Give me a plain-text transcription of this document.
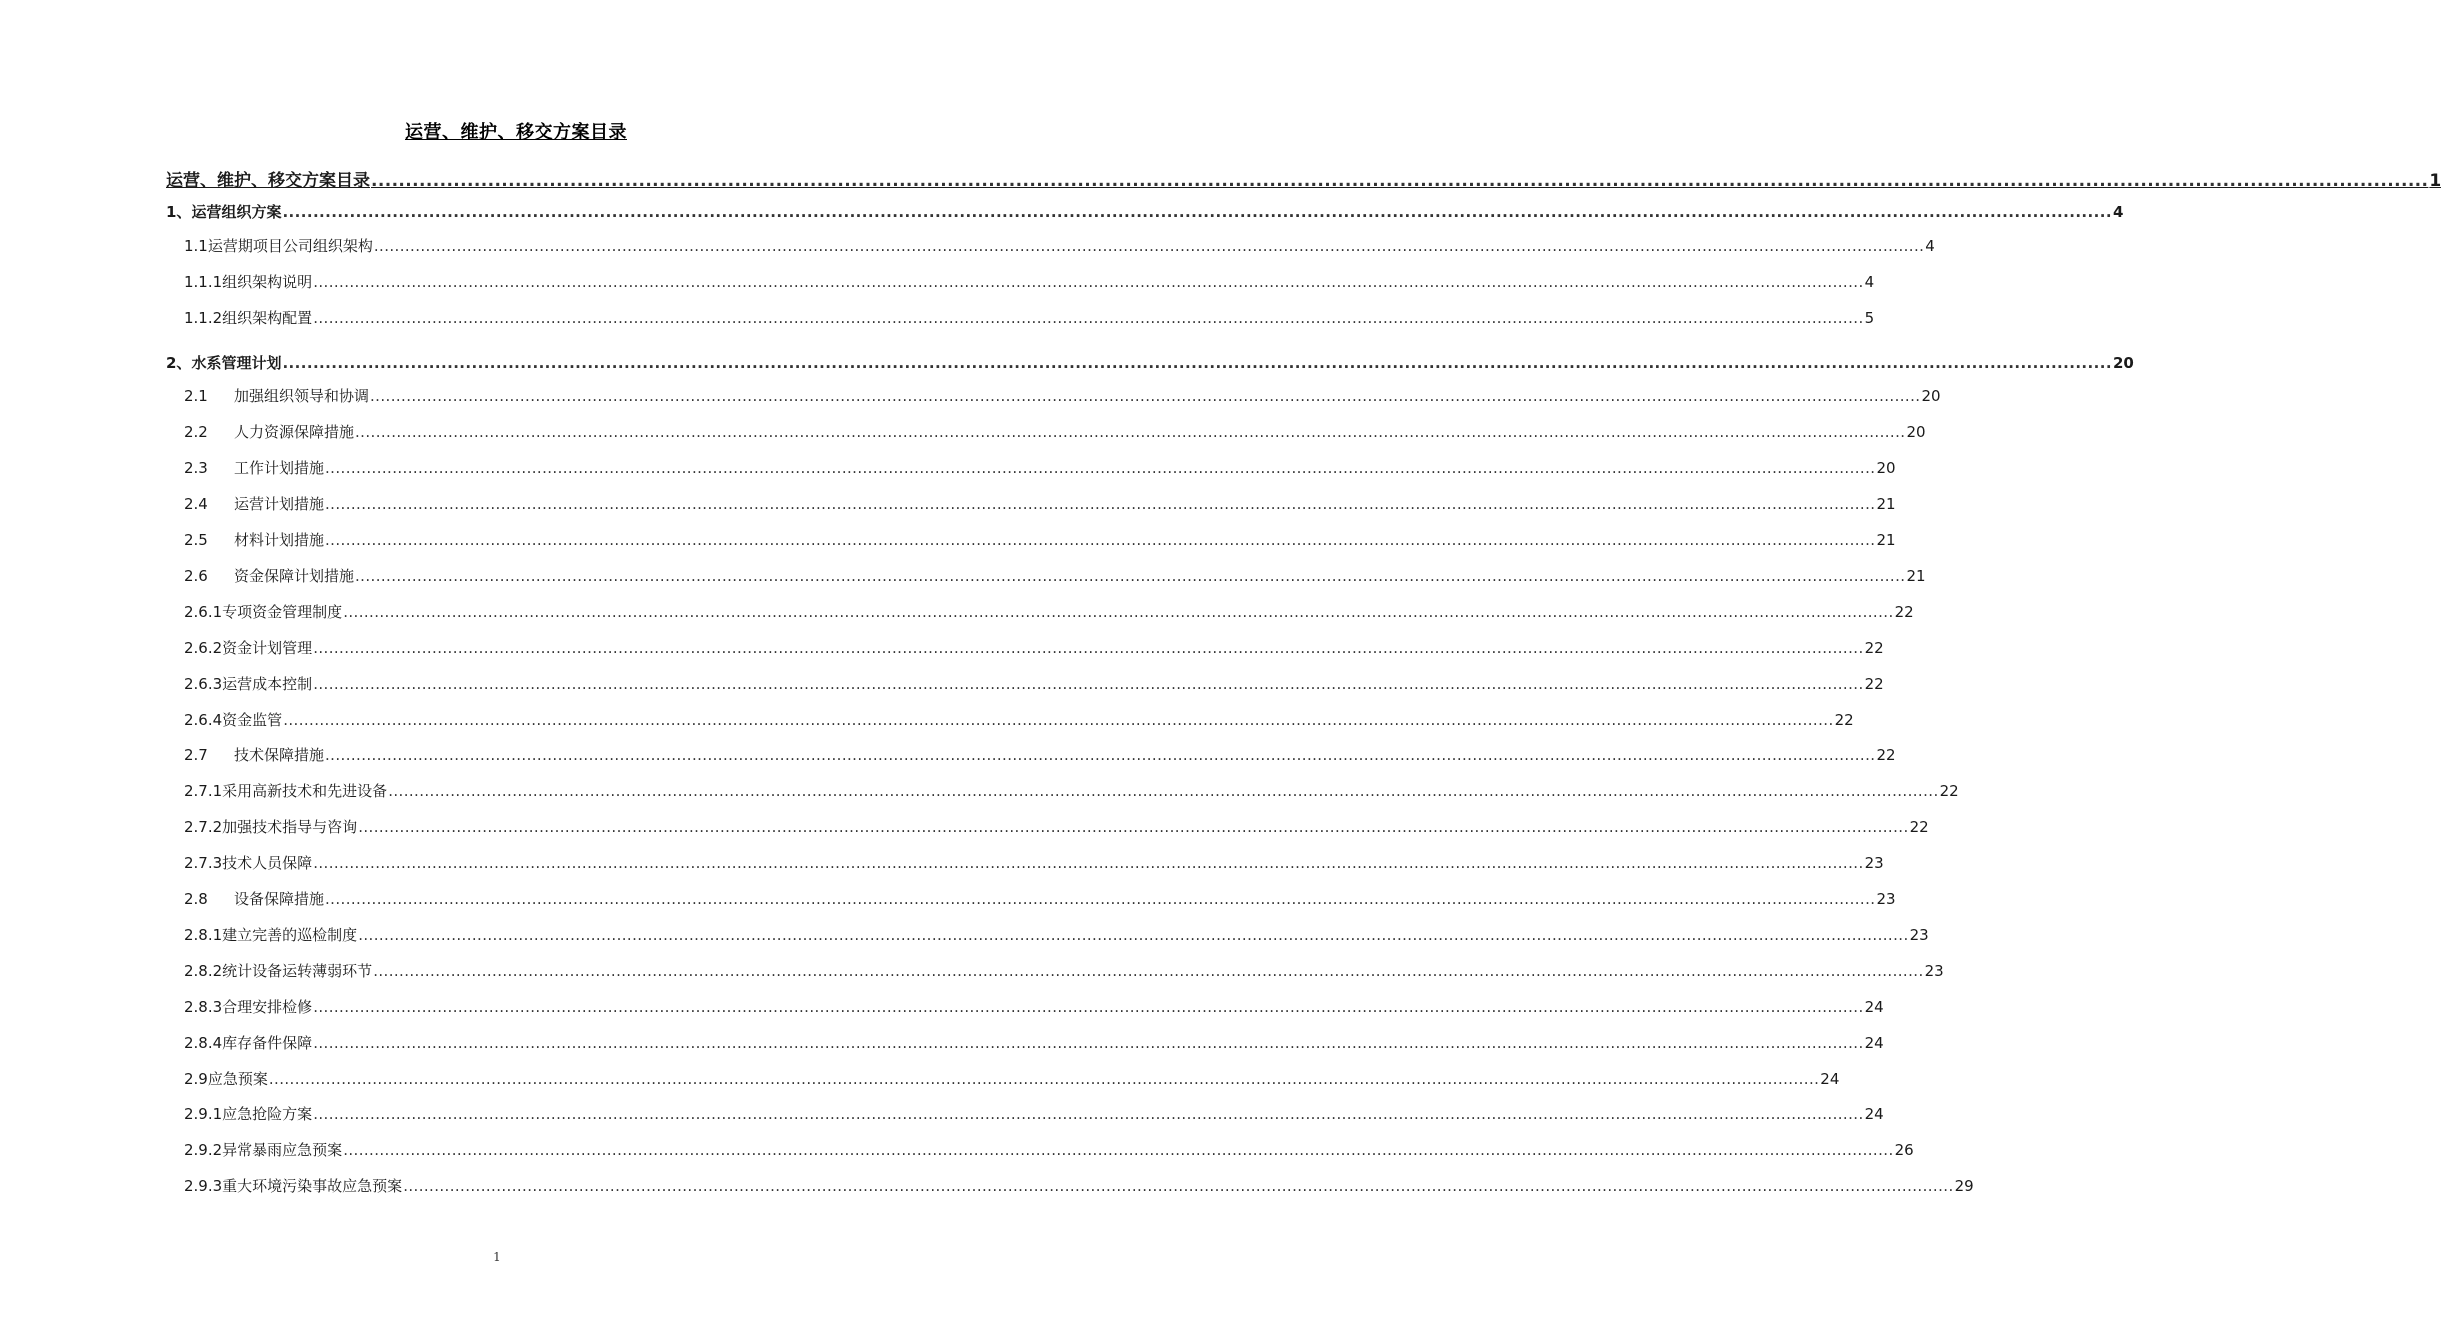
运营、维护、移交方案目录
运营、维护、移交方案目录 ............................................................................................................................................................................................................................................................................................................ 1
1、运营组织方案 ............................................................................................................................................................................................................................................................................................................ 4
1.1运营期项目公司组织架构 ............................................................................................................................................................................................................................................................................................................ 4
1.1.1组织架构说明 ............................................................................................................................................................................................................................................................................................................ 4
1.1.2组织架构配置 ............................................................................................................................................................................................................................................................................................................ 5
2、水系管理计划 ............................................................................................................................................................................................................................................................................................................ 20
2.1 加强组织领导和协调 ............................................................................................................................................................................................................................................................................................................ 20
2.2 人力资源保障措施 ............................................................................................................................................................................................................................................................................................................ 20
2.3 工作计划措施 ............................................................................................................................................................................................................................................................................................................ 20
2.4 运营计划措施 ............................................................................................................................................................................................................................................................................................................ 21
2.5 材料计划措施 ............................................................................................................................................................................................................................................................................................................ 21
2.6 资金保障计划措施 ............................................................................................................................................................................................................................................................................................................ 21
2.6.1专项资金管理制度 ............................................................................................................................................................................................................................................................................................................ 22
2.6.2资金计划管理 ............................................................................................................................................................................................................................................................................................................ 22
2.6.3运营成本控制 ............................................................................................................................................................................................................................................................................................................ 22
2.6.4资金监管 ............................................................................................................................................................................................................................................................................................................ 22
2.7 技术保障措施 ............................................................................................................................................................................................................................................................................................................ 22
2.7.1采用高新技术和先进设备 ............................................................................................................................................................................................................................................................................................................ 22
2.7.2加强技术指导与咨询 ............................................................................................................................................................................................................................................................................................................ 22
2.7.3技术人员保障 ............................................................................................................................................................................................................................................................................................................ 23
2.8 设备保障措施 ............................................................................................................................................................................................................................................................................................................ 23
2.8.1建立完善的巡检制度 ............................................................................................................................................................................................................................................................................................................ 23
2.8.2统计设备运转薄弱环节 ............................................................................................................................................................................................................................................................................................................ 23
2.8.3合理安排检修 ............................................................................................................................................................................................................................................................................................................ 24
2.8.4库存备件保障 ............................................................................................................................................................................................................................................................................................................ 24
2.9应急预案 ............................................................................................................................................................................................................................................................................................................ 24
2.9.1应急抢险方案 ............................................................................................................................................................................................................................................................................................................ 24
2.9.2异常暴雨应急预案 ............................................................................................................................................................................................................................................................................................................ 26
2.9.3重大环境污染事故应急预案 ............................................................................................................................................................................................................................................................................................................ 29
1
